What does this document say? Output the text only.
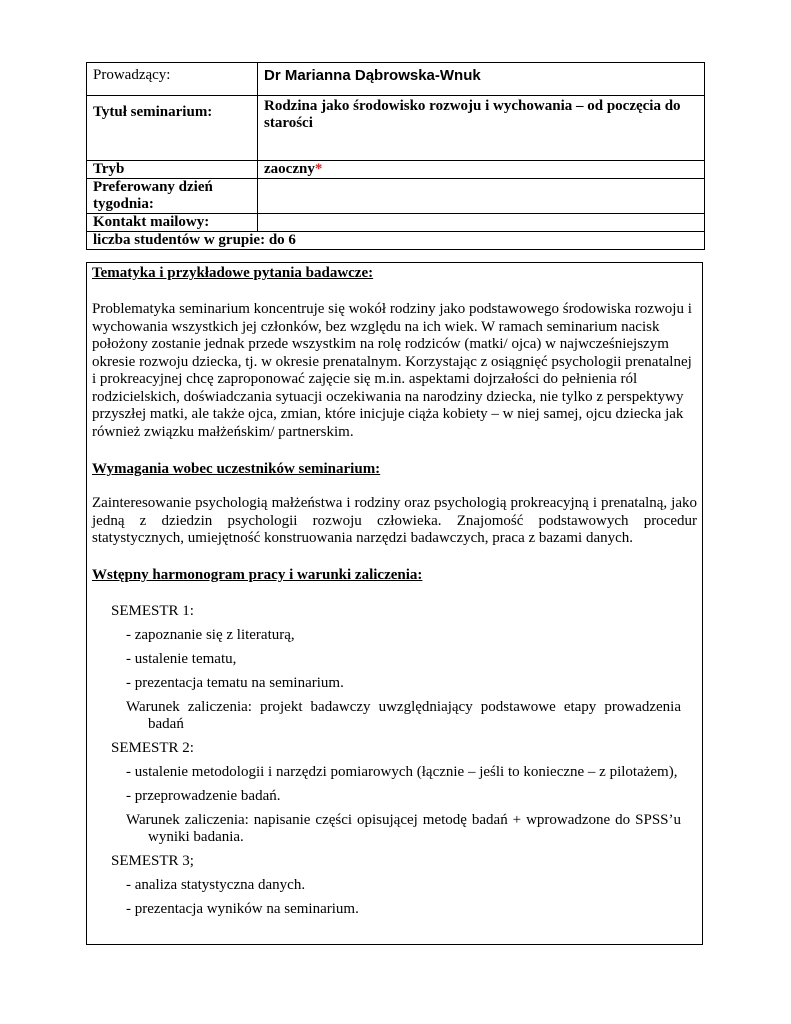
Prowadzący:	Dr Marianna Dąbrowska-Wnuk
Tytuł seminarium:	Rodzina jako środowisko rozwoju i wychowania – od poczęcia do starości
Tryb	zaoczny*
Preferowany dzień tygodnia:	
Kontakt mailowy:	
liczba studentów w grupie: do 6	

Tematyka i przykładowe pytania badawcze:

Problematyka seminarium koncentruje się wokół rodziny jako podstawowego środowiska rozwoju i wychowania wszystkich jej członków, bez względu na ich wiek. W ramach seminarium nacisk położony zostanie jednak przede wszystkim na rolę rodziców (matki/ ojca) w najwcześniejszym okresie rozwoju dziecka, tj. w okresie prenatalnym. Korzystając z osiągnięć psychologii prenatalnej i prokreacyjnej chcę zaproponować zajęcie się m.in. aspektami dojrzałości do pełnienia ról rodzicielskich, doświadczania sytuacji oczekiwania na narodziny dziecka, nie tylko z perspektywy przyszłej matki, ale także ojca, zmian, które inicjuje ciąża kobiety – w niej samej, ojcu dziecka jak również związku małżeńskim/ partnerskim.

Wymagania wobec uczestników seminarium:

Zainteresowanie psychologią małżeństwa i rodziny oraz psychologią prokreacyjną i prenatalną, jako jedną z dziedzin psychologii rozwoju człowieka. Znajomość podstawowych procedur statystycznych, umiejętność konstruowania narzędzi badawczych, praca z bazami danych.

Wstępny harmonogram pracy i warunki zaliczenia:

SEMESTR 1:
- zapoznanie się z literaturą,
- ustalenie tematu,
- prezentacja tematu na seminarium.
Warunek zaliczenia: projekt badawczy uwzględniający podstawowe etapy prowadzenia badań
SEMESTR 2:
- ustalenie metodologii i narzędzi pomiarowych (łącznie – jeśli to konieczne – z pilotażem),
- przeprowadzenie badań.
Warunek zaliczenia: napisanie części opisującej metodę badań + wprowadzone do SPSS’u wyniki badania.
SEMESTR 3;
- analiza statystyczna danych.
- prezentacja wyników na seminarium.
